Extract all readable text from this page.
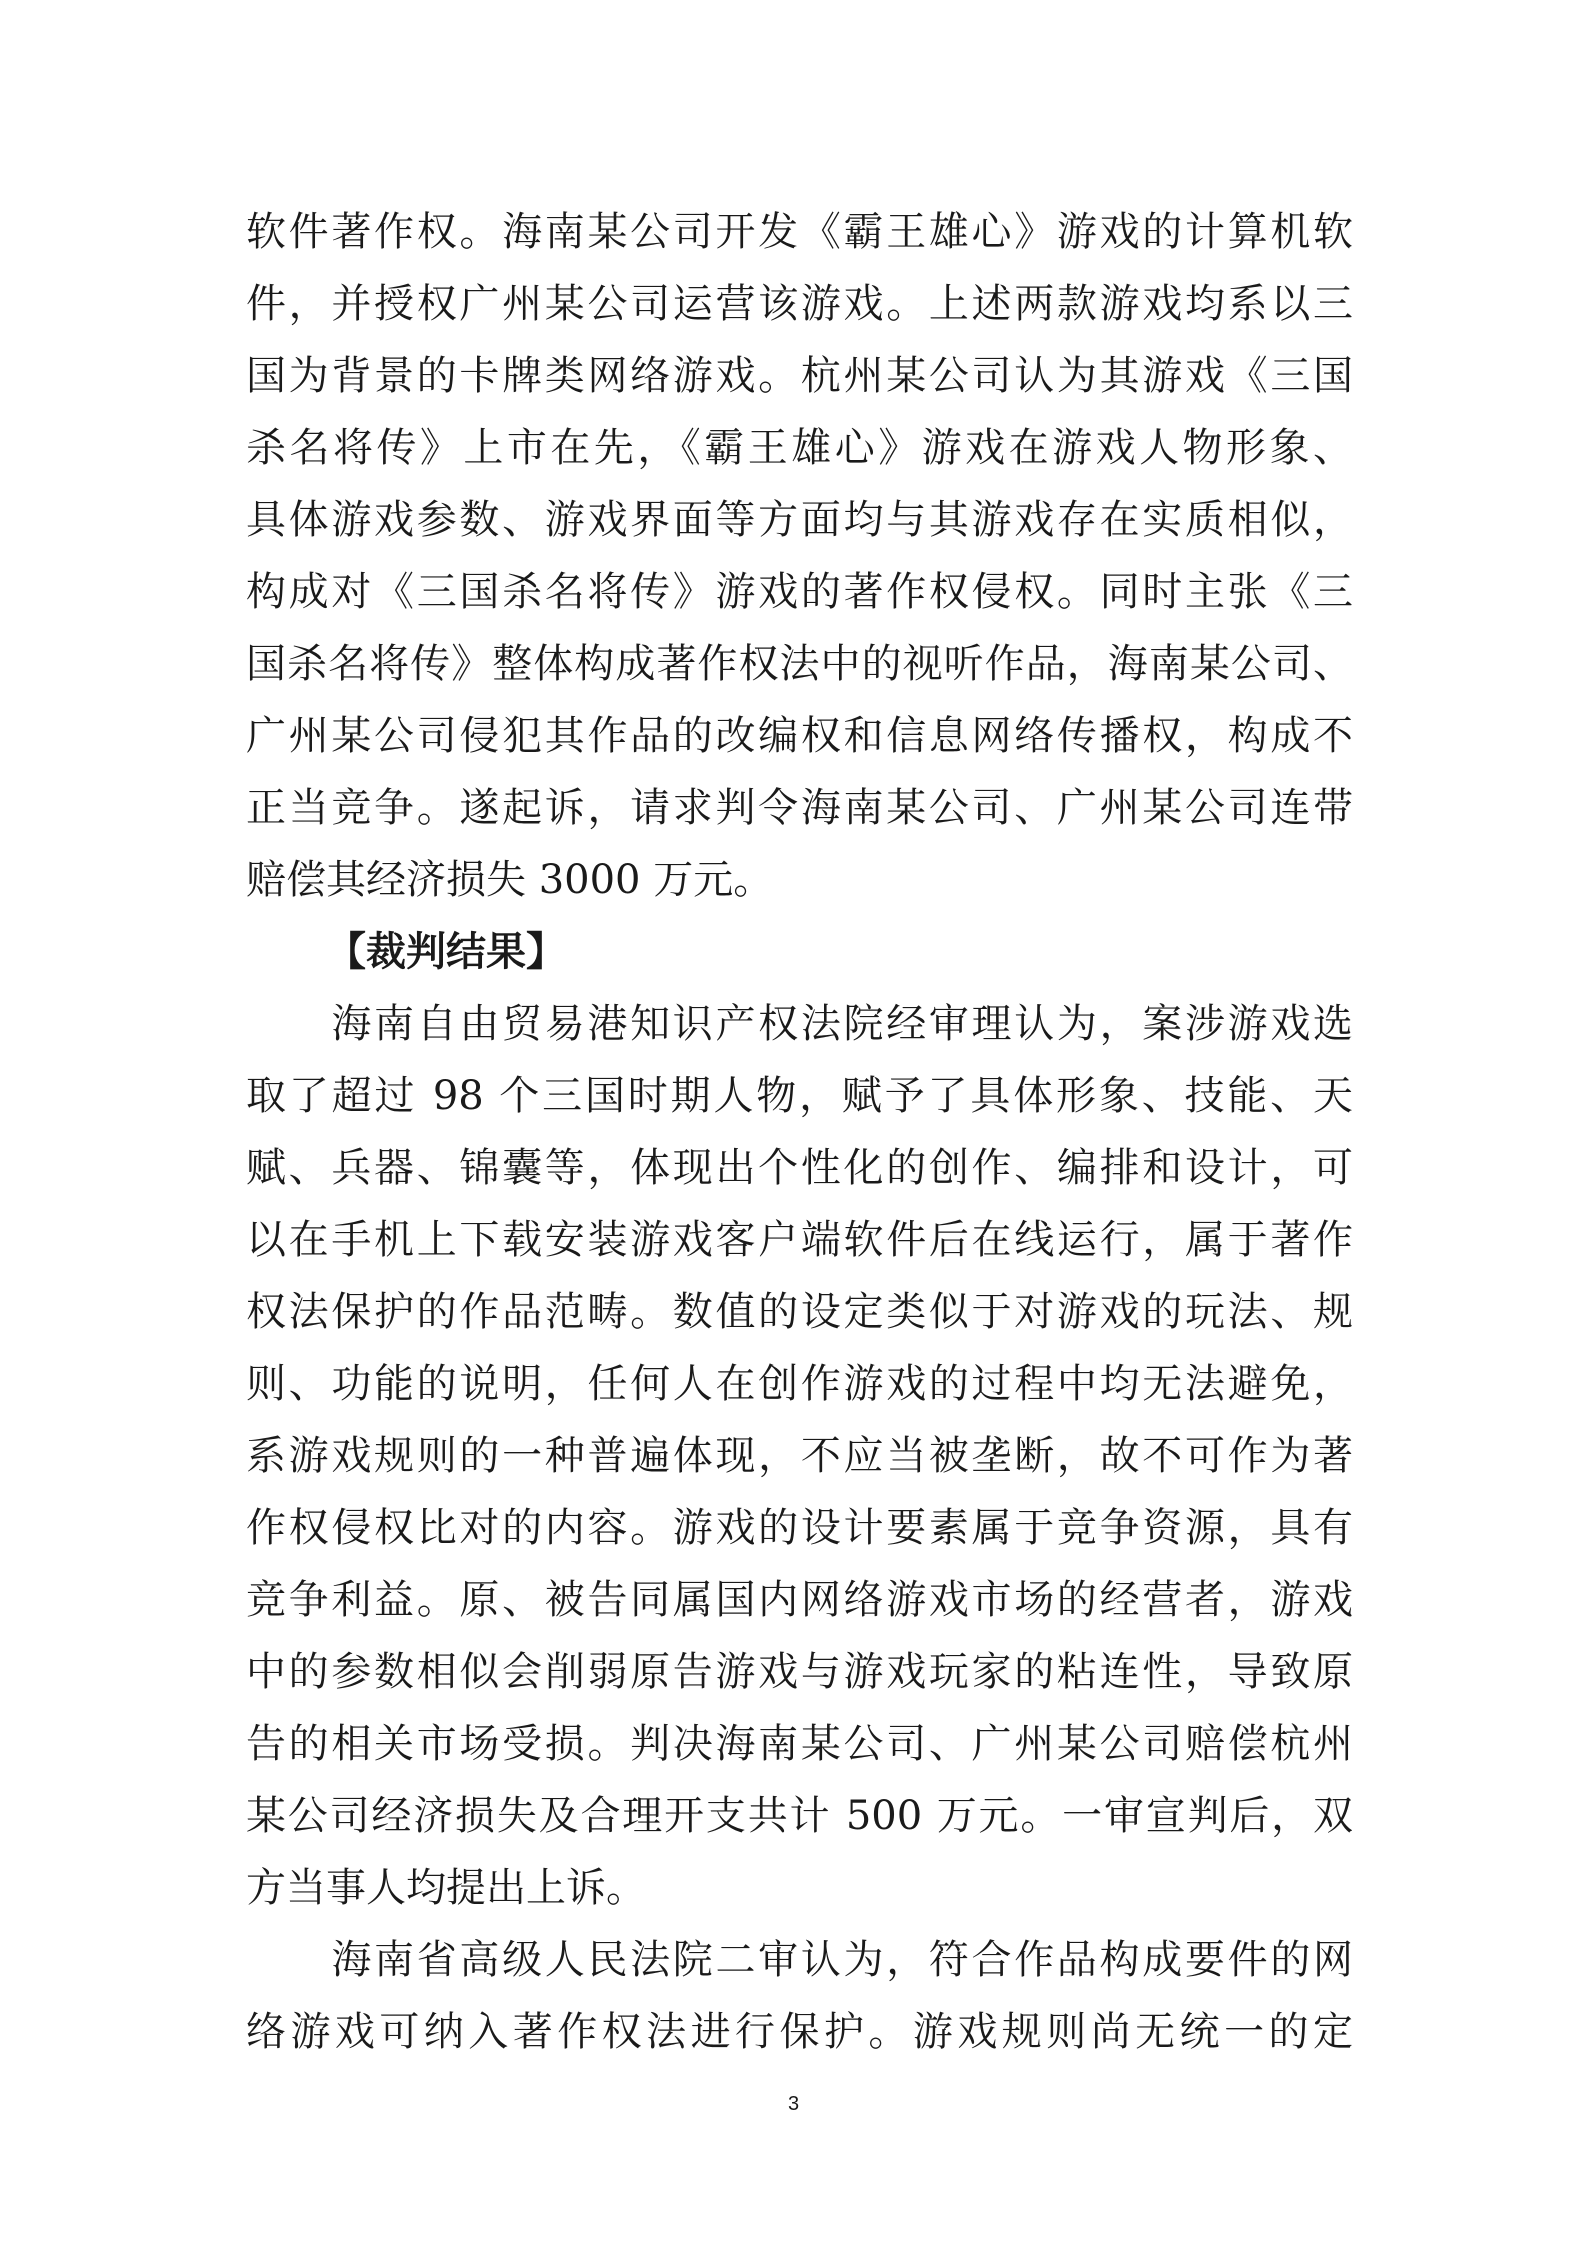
软件著作权。海南某公司开发《霸王雄心》游戏的计算机软
件，并授权广州某公司运营该游戏。上述两款游戏均系以三
国为背景的卡牌类网络游戏。杭州某公司认为其游戏《三国
杀名将传》上市在先，《霸王雄心》游戏在游戏人物形象、
具体游戏参数、游戏界面等方面均与其游戏存在实质相似，
构成对《三国杀名将传》游戏的著作权侵权。同时主张《三
国杀名将传》整体构成著作权法中的视听作品，海南某公司、
广州某公司侵犯其作品的改编权和信息网络传播权，构成不
正当竞争。遂起诉，请求判令海南某公司、广州某公司连带
赔偿其经济损失 3000 万元。
【裁判结果】
　　海南自由贸易港知识产权法院经审理认为，案涉游戏选
取了超过 98 个三国时期人物，赋予了具体形象、技能、天
赋、兵器、锦囊等，体现出个性化的创作、编排和设计，可
以在手机上下载安装游戏客户端软件后在线运行，属于著作
权法保护的作品范畴。数值的设定类似于对游戏的玩法、规
则、功能的说明，任何人在创作游戏的过程中均无法避免，
系游戏规则的一种普遍体现，不应当被垄断，故不可作为著
作权侵权比对的内容。游戏的设计要素属于竞争资源，具有
竞争利益。原、被告同属国内网络游戏市场的经营者，游戏
中的参数相似会削弱原告游戏与游戏玩家的粘连性，导致原
告的相关市场受损。判决海南某公司、广州某公司赔偿杭州
某公司经济损失及合理开支共计 500 万元。一审宣判后，双
方当事人均提出上诉。
　　海南省高级人民法院二审认为，符合作品构成要件的网
络游戏可纳入著作权法进行保护。游戏规则尚无统一的定
3
